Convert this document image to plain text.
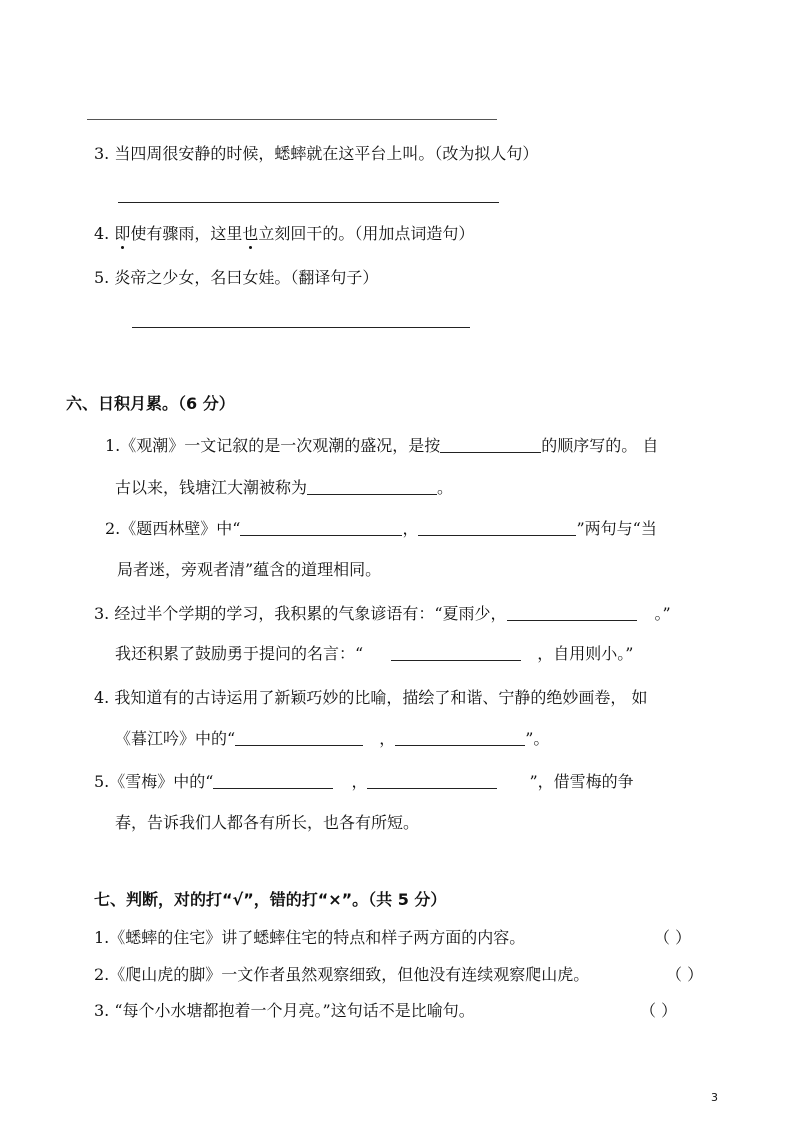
3. 当四周很安静的时候，蟋蟀就在这平台上叫。（改为拟人句）
4. 即使有骤雨，这里也立刻回干的。（用加点词造句）
5. 炎帝之少女，名曰女娃。（翻译句子）
六、日积月累。（6 分）
1.《观潮》一文记叙的是一次观潮的盛况，是按	的顺序写的。 自
古以来，钱塘江大潮被称为	。
2.《题西林壁》中“	，	”两句与“当
局者迷，旁观者清”蕴含的道理相同。
3. 经过半个学期的学习，我积累的气象谚语有：“夏雨少，	。”
我还积累了鼓励勇于提问的名言：“	，自用则小。”
4. 我知道有的古诗运用了新颖巧妙的比喻，描绘了和谐、宁静的绝妙画卷， 如
《暮江吟》中的“	，	”。
5.《雪梅》中的“	，	”，借雪梅的争
春，告诉我们人都各有所长，也各有所短。
七、判断，对的打“√”，错的打“×”。（共 5 分）
1.《蟋蟀的住宅》讲了蟋蟀住宅的特点和样子两方面的内容。	（ ）
2.《爬山虎的脚》一文作者虽然观察细致，但他没有连续观察爬山虎。	（ ）
3. “每个小水塘都抱着一个月亮。”这句话不是比喻句。	（ ）
3
